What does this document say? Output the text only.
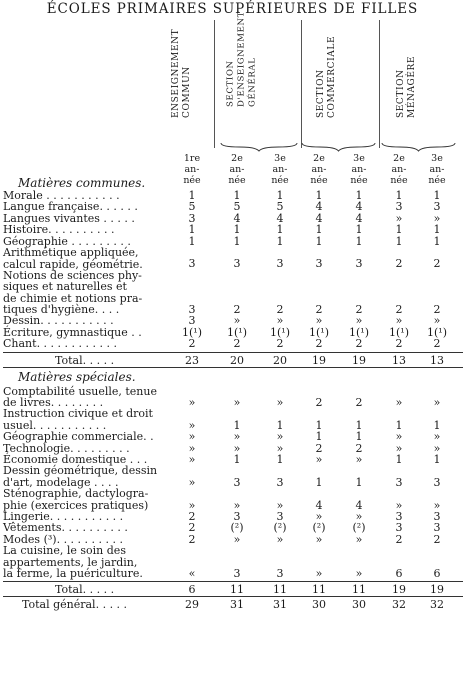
ÉCOLES PRIMAIRES SUPÉRIEURES DE FILLES
ENSEIGNEMENT COMMUN	SECTION D'ENSEIGNEMENT GÉNÉRAL	SECTION COMMERCIALE	SECTION MÉNAGÈRE
1re
an-
née
2e
an-
née
3e
an-
née
2e
an-
née
3e
an-
née
2e
an-
née
3e
an-
née
Matières communes.
Morale . . . . . . . . . . .	1	1	1	1	1	1	1
Langue française. . . . . .	5	5	5	4	4	3	3
Langues vivantes . . . . .	3	4	4	4	4	»	»
Histoire. . . . . . . . . .	1	1	1	1	1	1	1
Géographie . . . . . . . . .	1	1	1	1	1	1	1
Arithmétique appliquée,
calcul rapide, géométrie.	3	3	3	3	3	2	2
Notions de sciences phy-
siques et naturelles et
de chimie et notions pra-
tiques d'hygiène. . . .	3	2	2	2	2	2	2
Dessin. . . . . . . . . . .	3	»	»	»	»	»	»
Écriture, gymnastique . .	1(¹)	1(¹)	1(¹)	1(¹)	1(¹)	1(¹)	1(¹)
Chant. . . . . . . . . . . .	2	2	2	2	2	2	2
Total. . . . .	23	20	20	19	19	13	13
Matières spéciales.
Comptabilité usuelle, tenue
de livres. . . . . . . .	»	»	»	2	2	»	»
Instruction civique et droit
usuel. . . . . . . . . . .	»	1	1	1	1	1	1
Géographie commerciale. .	»	»	»	1	1	»	»
Technologie. . . . . . . . .	»	»	»	2	2	»	»
Économie domestique . . .	»	1	1	»	»	1	1
Dessin géométrique, dessin
d'art, modelage . . . .	»	3	3	1	1	3	3
Sténographie, dactylogra-
phie (exercices pratiques)	»	»	»	4	4	»	»
Lingerie. . . . . . . . . . .	2	3	3	»	»	3	3
Vêtements. . . . . . . . . .	2	(²)	(²)	(²)	(²)	3	3
Modes (³). . . . . . . . . .	2	»	»	»	»	2	2
La cuisine, le soin des
appartements, le jardin,
la ferme, la puériculture.	«	3	3	»	»	6	6
Total. . . . .	6	11	11	11	11	19	19
Total général. . . . .	29	31	31	30	30	32	32
